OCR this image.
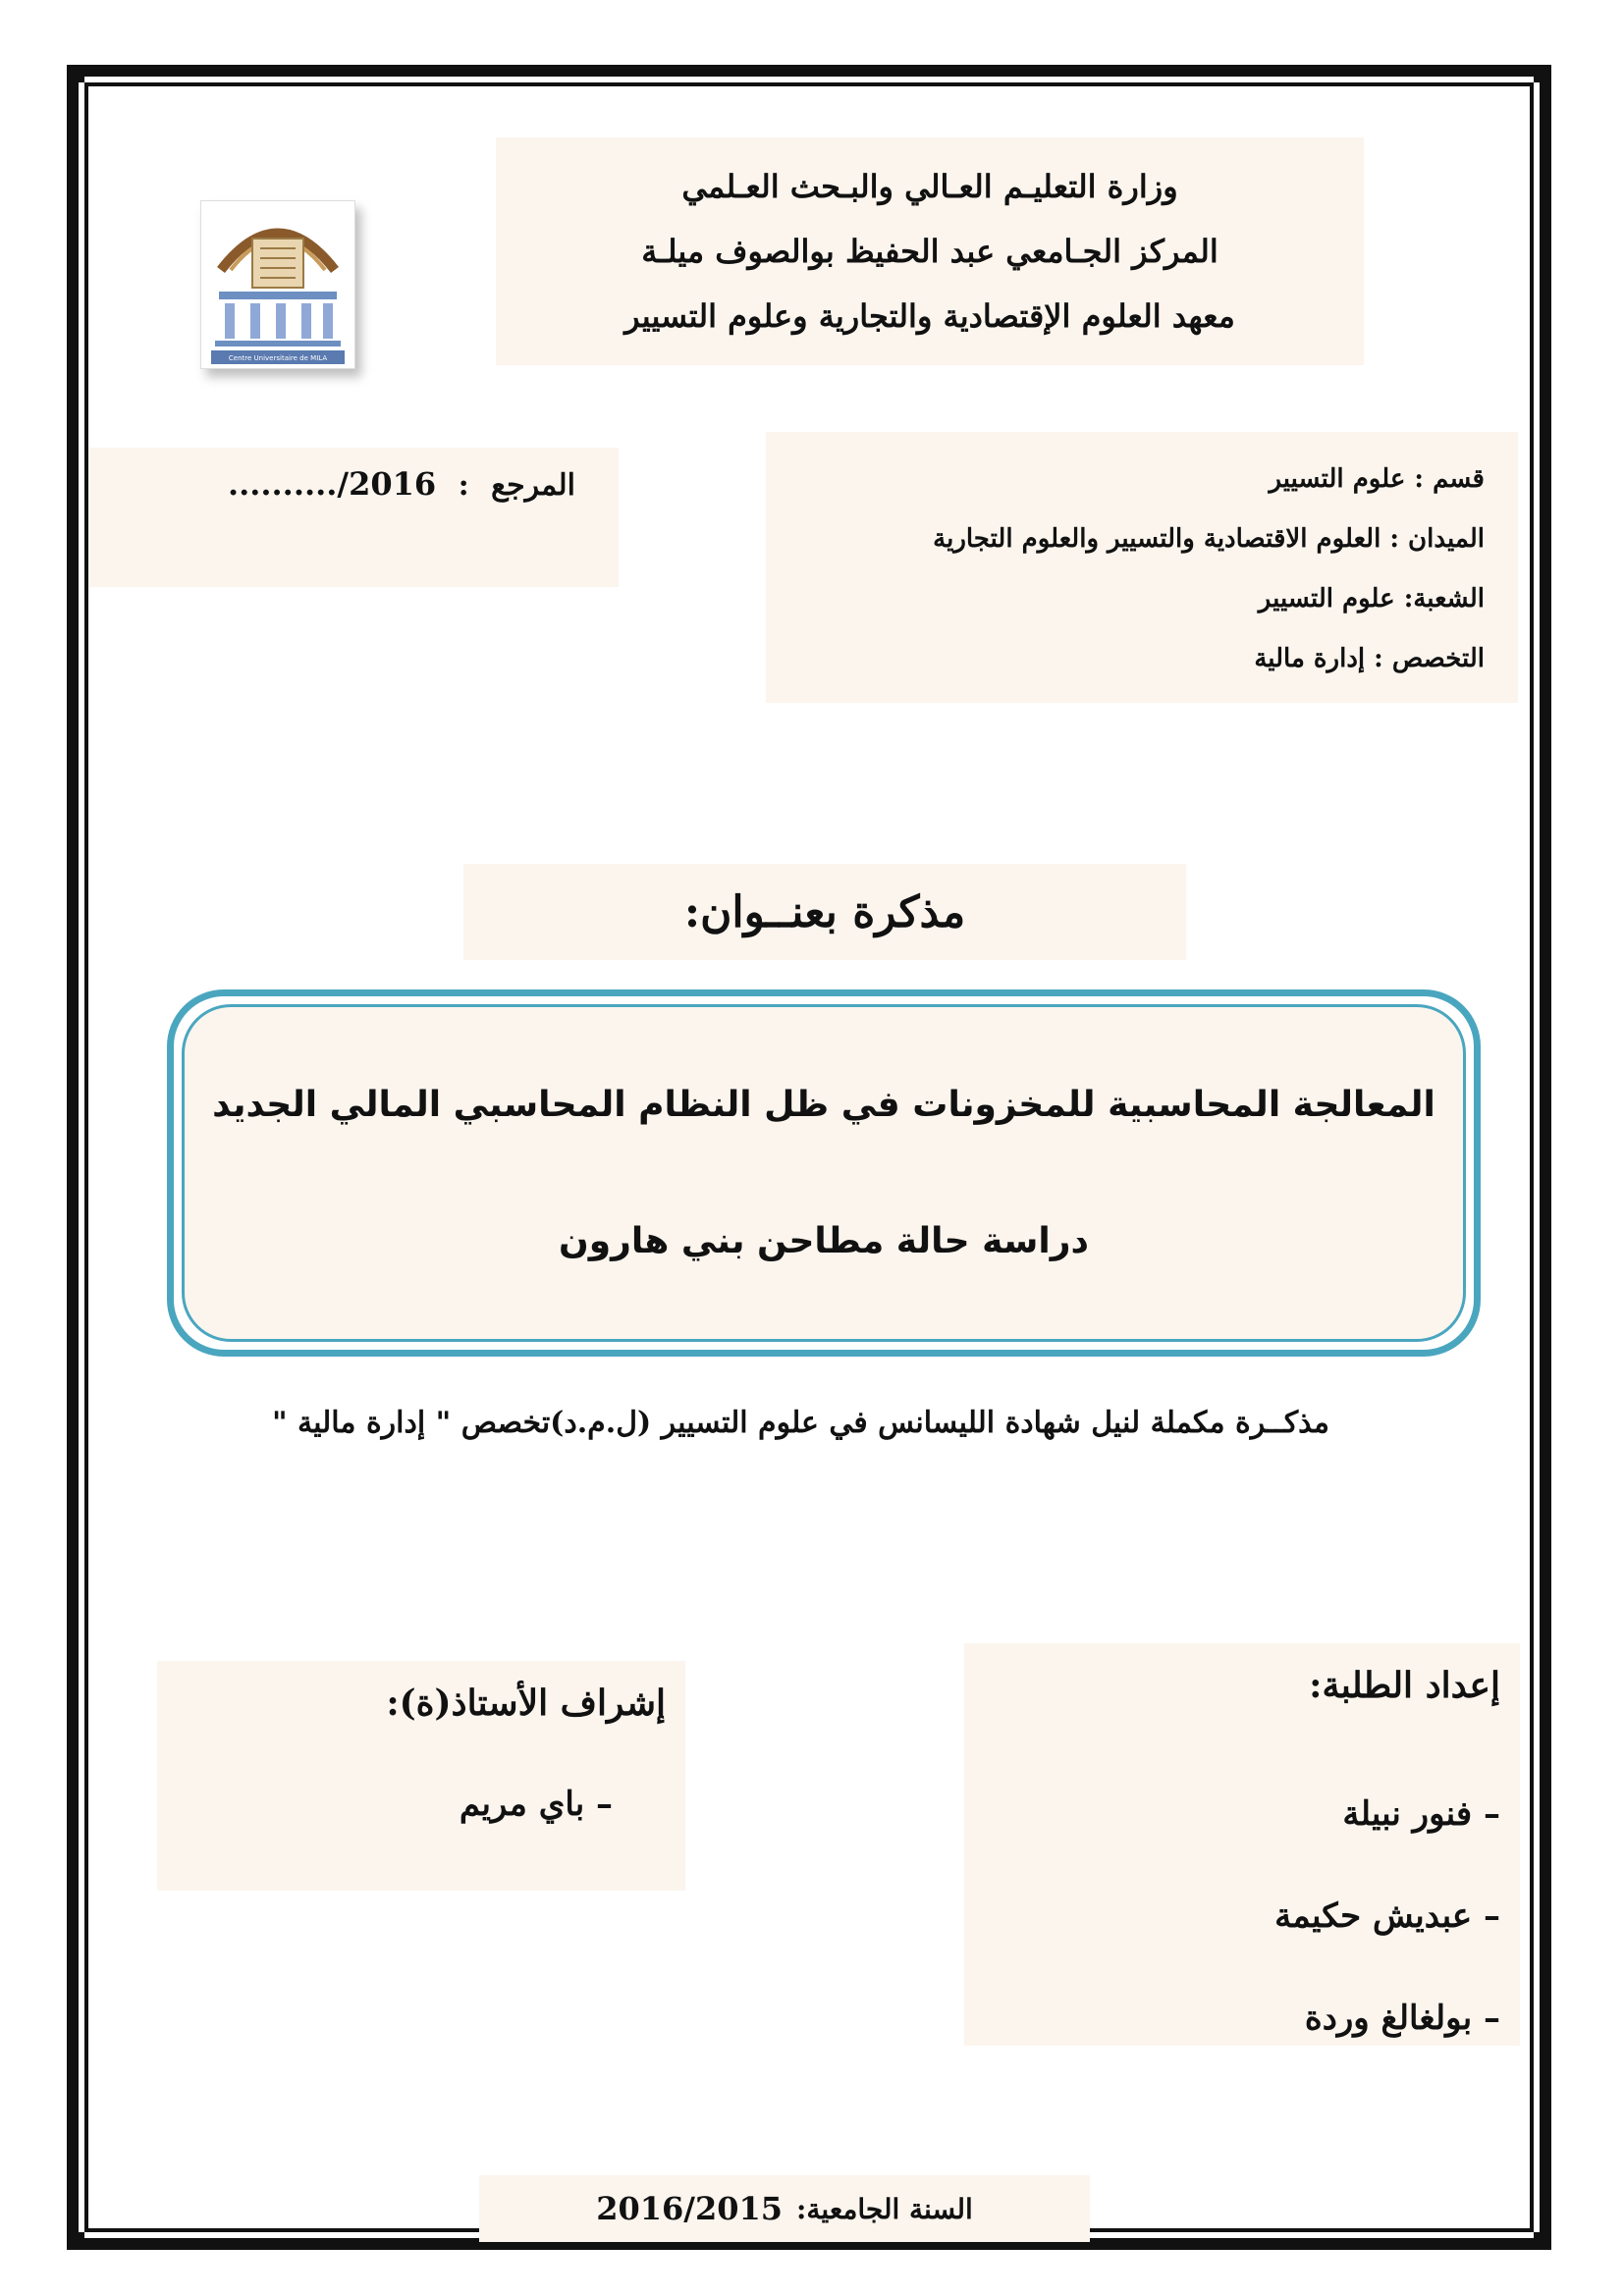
وزارة التعليـم العـالي والبـحث العـلمي
المركز الجـامعي عبد الحفيظ بوالصوف ميلـة
معهد العلوم الإقتصادية والتجارية وعلوم التسيير
Centre Universitaire de MILA
المرجع : ........../2016	قسم : علوم التسيير
الميدان : العلوم الاقتصادية والتسيير والعلوم التجارية
الشعبة: علوم التسيير
التخصص : إدارة مالية
مذكرة بعنــوان:
المعالجة المحاسبية للمخزونات في ظل النظام المحاسبي المالي الجديد
دراسة حالة مطاحن بني هارون
مذكــرة مكملة لنيل شهادة الليسانس في علوم التسيير (ل.م.د)تخصص " إدارة مالية "
إشراف الأستاذ(ة):
– باي مريم
إعداد الطلبة:
– فنور نبيلة
– عبديش حكيمة
– بولغالغ وردة
السنة الجامعية:
2016/2015
